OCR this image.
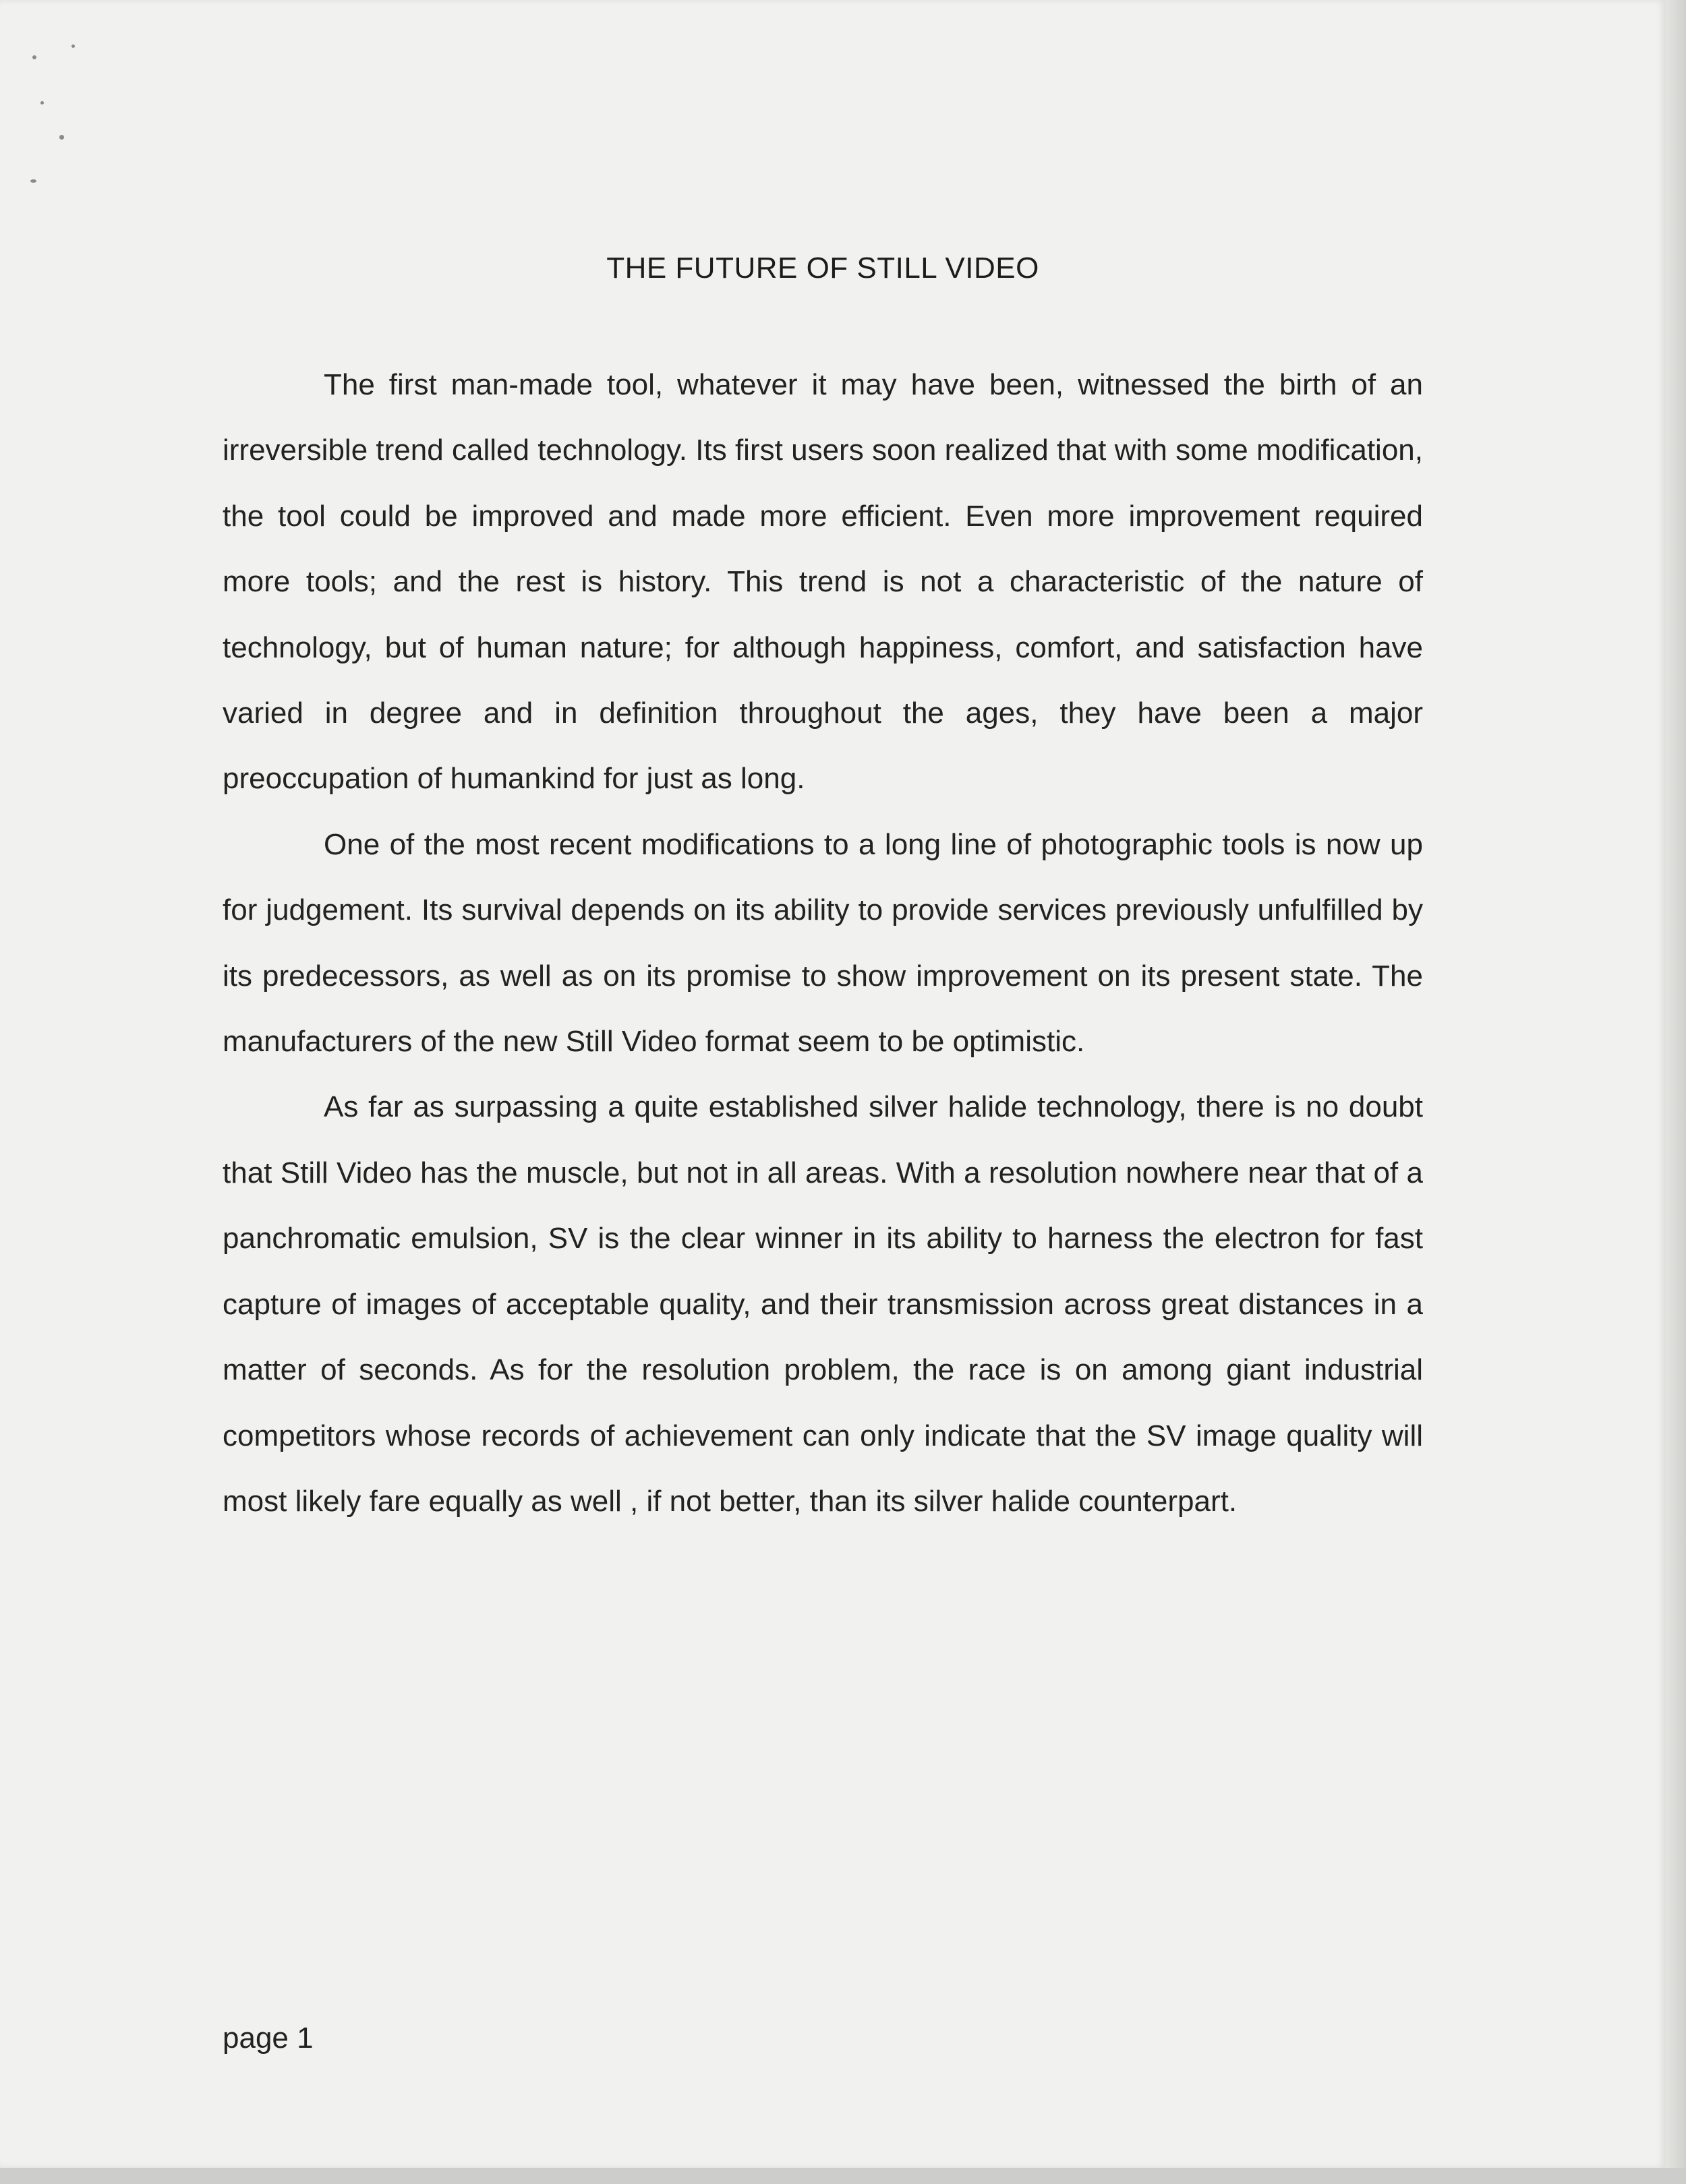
THE FUTURE OF STILL VIDEO

The first man-made tool, whatever it may have been, witnessed the birth of an irreversible trend called technology. Its first users soon realized that with some modification, the tool could be improved and made more efficient. Even more improvement required more tools; and the rest is history. This trend is not a characteristic of the nature of technology, but of human nature; for although happiness, comfort, and satisfaction have varied in degree and in definition throughout the ages, they have been a major preoccupation of humankind for just as long.

One of the most recent modifications to a long line of photographic tools is now up for judgement. Its survival depends on its ability to provide services previously unfulfilled by its predecessors, as well as on its promise to show improvement on its present state. The manufacturers of the new Still Video format seem to be optimistic.

As far as surpassing a quite established silver halide technology, there is no doubt that Still Video has the muscle, but not in all areas. With a resolution nowhere near that of a panchromatic emulsion, SV is the clear winner in its ability to harness the electron for fast capture of images of acceptable quality, and their transmission across great distances in a matter of seconds. As for the resolution problem, the race is on among giant industrial competitors whose records of achievement can only indicate that the SV image quality will most likely fare equally as well , if not better, than its silver halide counterpart.

page 1
